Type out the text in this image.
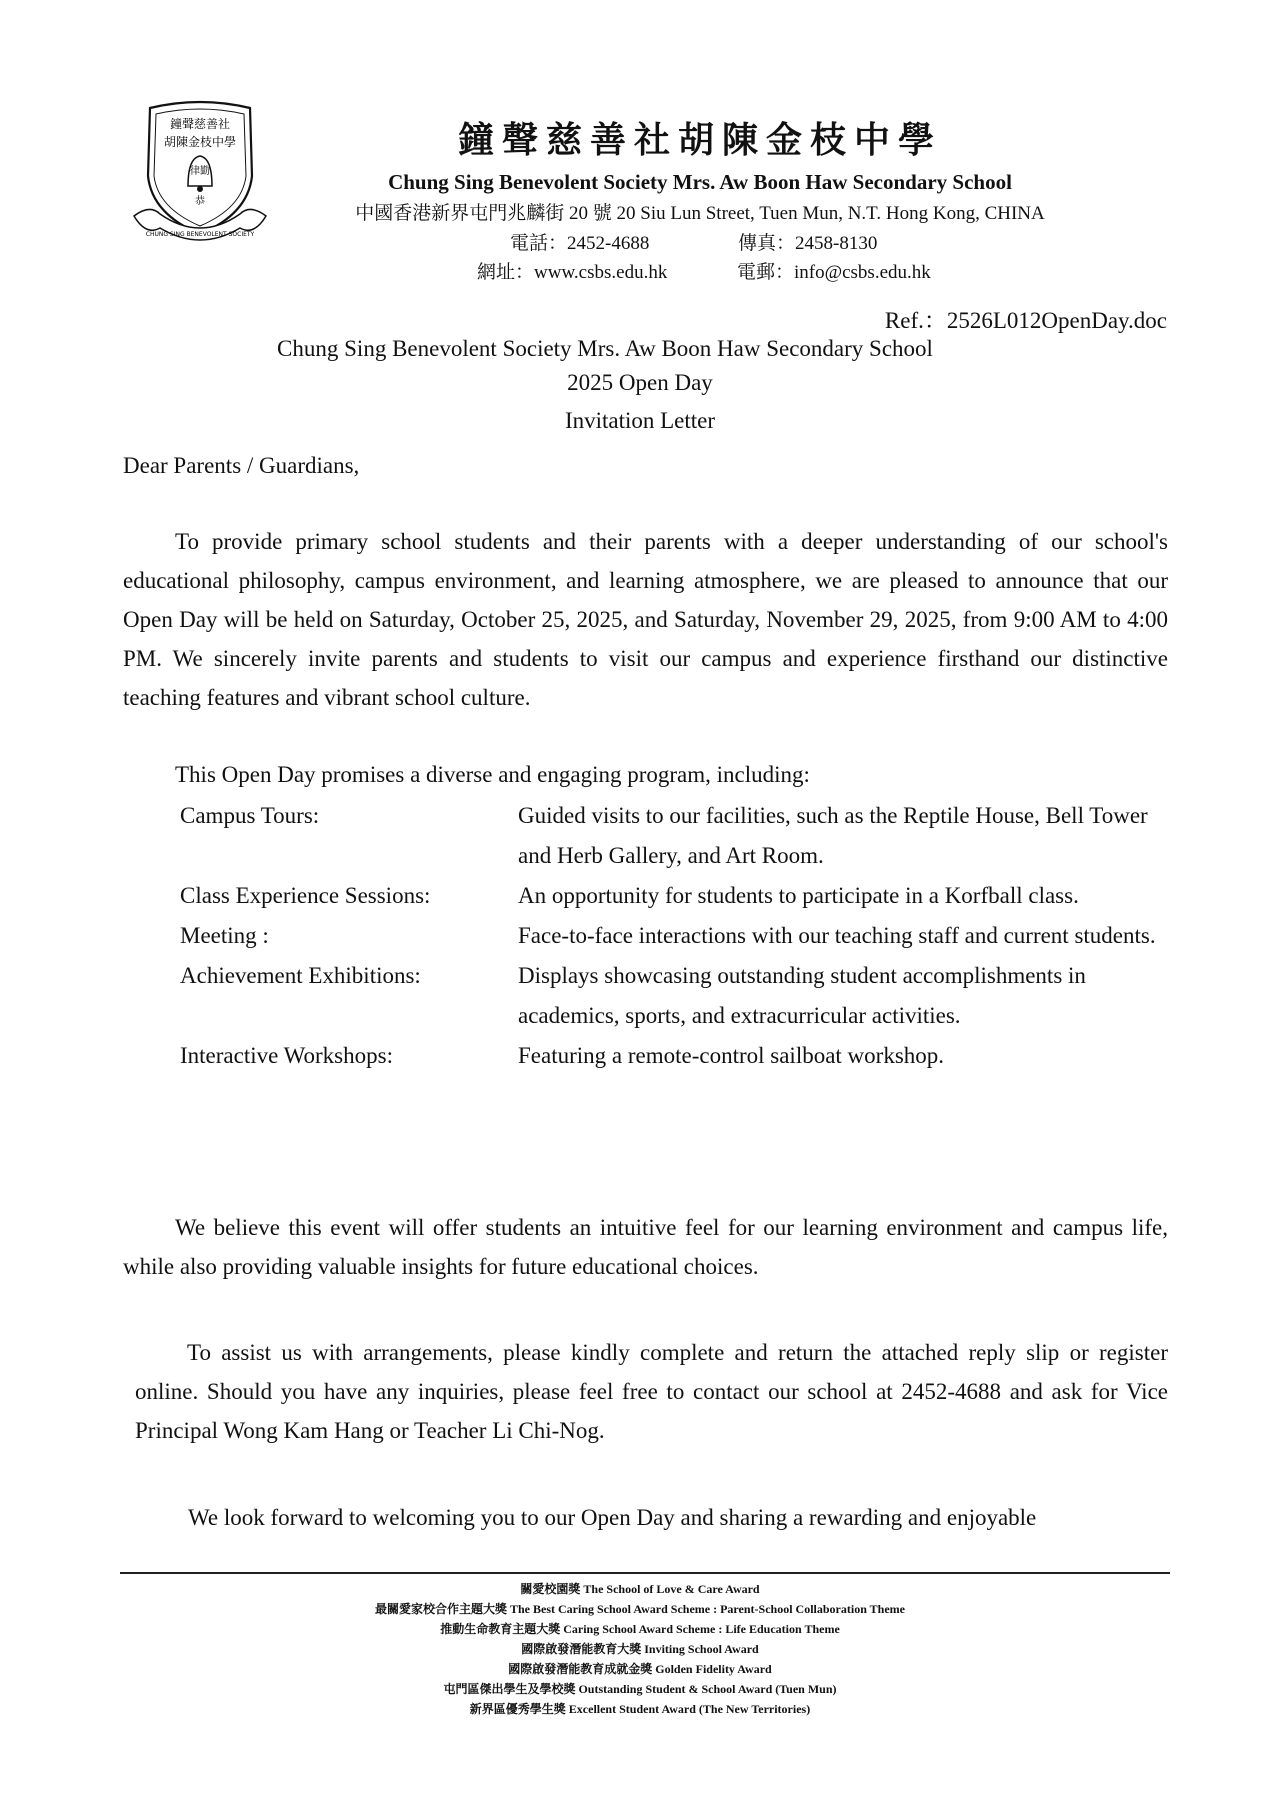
鐘聲慈善社
胡陳金枝中學
律勤
恭
CHUNG SING BENEVOLENT SOCIETY
鐘聲慈善社胡陳金枝中學
Chung Sing Benevolent Society Mrs. Aw Boon Haw Secondary School
中國香港新界屯門兆麟街 20 號 20 Siu Lun Street, Tuen Mun, N.T. Hong Kong, CHINA
電話：2452-4688	傳真：2458-8130
網址：www.csbs.edu.hk	電郵：info@csbs.edu.hk
Ref.：2526L012OpenDay.doc
Chung Sing Benevolent Society Mrs. Aw Boon Haw Secondary School
2025 Open Day
Invitation Letter
Dear Parents / Guardians,
To provide primary school students and their parents with a deeper understanding of our school's educational philosophy, campus environment, and learning atmosphere, we are pleased to announce that our Open Day will be held on Saturday, October 25, 2025, and Saturday, November 29, 2025, from 9:00 AM to 4:00 PM. We sincerely invite parents and students to visit our campus and experience firsthand our distinctive teaching features and vibrant school culture.
This Open Day promises a diverse and engaging program, including:
Campus Tours:	Guided visits to our facilities, such as the Reptile House, Bell Tower and Herb Gallery, and Art Room.
Class Experience Sessions:	An opportunity for students to participate in a Korfball class.
Meeting :	Face-to-face interactions with our teaching staff and current students.
Achievement Exhibitions:	Displays showcasing outstanding student accomplishments in academics, sports, and extracurricular activities.
Interactive Workshops:	Featuring a remote-control sailboat workshop.
We believe this event will offer students an intuitive feel for our learning environment and campus life, while also providing valuable insights for future educational choices.
To assist us with arrangements, please kindly complete and return the attached reply slip or register online. Should you have any inquiries, please feel free to contact our school at 2452-4688 and ask for Vice Principal Wong Kam Hang or Teacher Li Chi-Nog.
We look forward to welcoming you to our Open Day and sharing a rewarding and enjoyable
關愛校園獎 The School of Love & Care Award
最關愛家校合作主題大獎 The Best Caring School Award Scheme : Parent-School Collaboration Theme
推動生命教育主題大獎 Caring School Award Scheme : Life Education Theme
國際啟發潛能教育大獎 Inviting School Award
國際啟發潛能教育成就金獎 Golden Fidelity Award
屯門區傑出學生及學校獎 Outstanding Student & School Award (Tuen Mun)
新界區優秀學生獎 Excellent Student Award (The New Territories)
